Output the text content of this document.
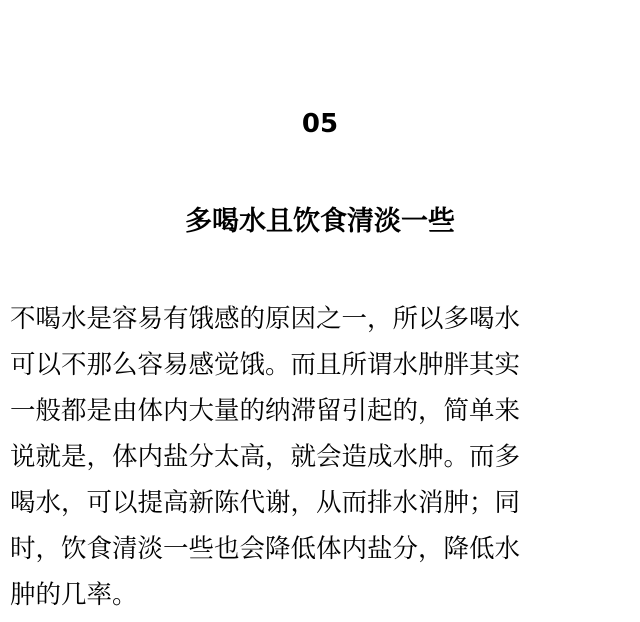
05
多喝水且饮食清淡一些
不喝水是容易有饿感的原因之一，所以多喝水
可以不那么容易感觉饿。而且所谓水肿胖其实
一般都是由体内大量的纳滞留引起的，简单来
说就是，体内盐分太高，就会造成水肿。而多
喝水，可以提高新陈代谢，从而排水消肿；同
时，饮食清淡一些也会降低体内盐分，降低水
肿的几率。
